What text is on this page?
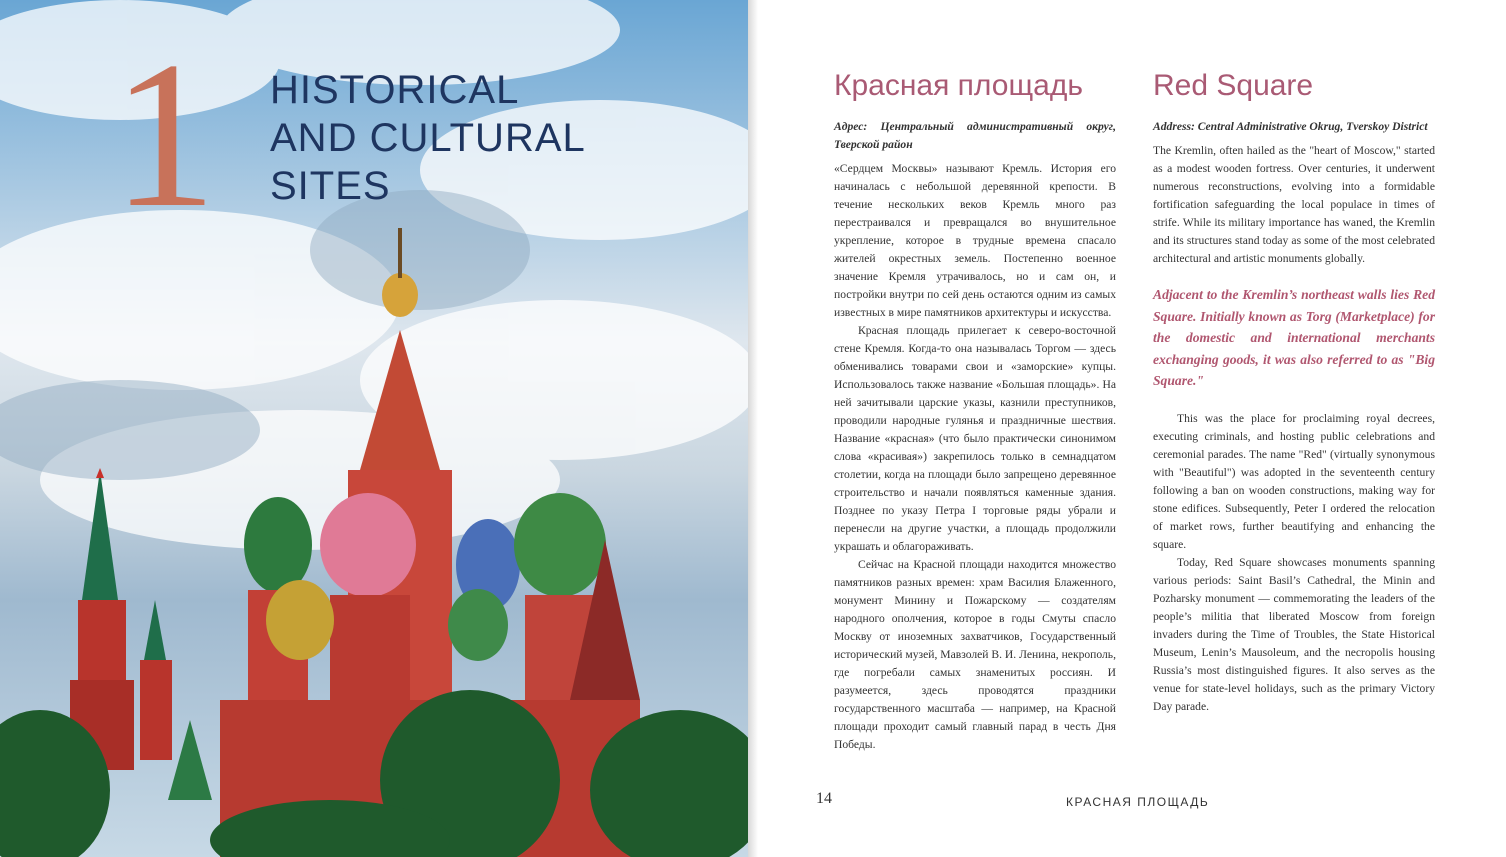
1 HISTORICAL
AND CULTURAL
SITES
Красная площадь

Адрес: Центральный административный округ, Тверской район

«Сердцем Москвы» называют Кремль. История его начиналась с небольшой деревянной крепости. В течение нескольких веков Кремль много раз перестраивался и превращался во внушительное укрепление, которое в трудные времена спасало жителей окрестных земель. Постепенно военное значение Кремля утрачивалось, но и сам он, и постройки внутри по сей день остаются одним из самых известных в мире памятников архитектуры и искусства.

Красная площадь прилегает к северо-восточной стене Кремля. Когда-то она называлась Торгом — здесь обменивались товарами свои и «заморские» купцы. Использовалось также название «Большая площадь». На ней зачитывали царские указы, казнили преступников, проводили народные гулянья и праздничные шествия. Название «красная» (что было практически синонимом слова «красивая») закрепилось только в семнадцатом столетии, когда на площади было запрещено деревянное строительство и начали появляться каменные здания. Позднее по указу Петра I торговые ряды убрали и перенесли на другие участки, а площадь продолжили украшать и облагораживать.

Сейчас на Красной площади находится множество памятников разных времен: храм Василия Блаженного, монумент Минину и Пожарскому — создателям народного ополчения, которое в годы Смуты спасло Москву от иноземных захватчиков, Государственный исторический музей, Мавзолей В. И. Ленина, некрополь, где погребали самых знаменитых россиян. И разумеется, здесь проводятся праздники государственного масштаба — например, на Красной площади проходит самый главный парад в честь Дня Победы.

Red Square

Address: Central Administrative Okrug, Tverskoy District

The Kremlin, often hailed as the "heart of Moscow," started as a modest wooden fortress. Over centuries, it underwent numerous reconstructions, evolving into a formidable fortification safeguarding the local populace in times of strife. While its military importance has waned, the Kremlin and its structures stand today as some of the most celebrated architectural and artistic monuments globally.

Adjacent to the Kremlin’s northeast walls lies Red Square. Initially known as Torg (Marketplace) for the domestic and international merchants exchanging goods, it was also referred to as "Big Square."

This was the place for proclaiming royal decrees, executing criminals, and hosting public celebrations and ceremonial parades. The name "Red" (virtually synonymous with "Beautiful") was adopted in the seventeenth century following a ban on wooden constructions, making way for stone edifices. Subsequently, Peter I ordered the relocation of market rows, further beautifying and enhancing the square.

Today, Red Square showcases monuments spanning various periods: Saint Basil’s Cathedral, the Minin and Pozharsky monument — commemorating the leaders of the people’s militia that liberated Moscow from foreign invaders during the Time of Troubles, the State Historical Museum, Lenin’s Mausoleum, and the necropolis housing Russia’s most distinguished figures. It also serves as the venue for state-level holidays, such as the primary Victory Day parade.

14	КРАСНАЯ ПЛОЩАДЬ
